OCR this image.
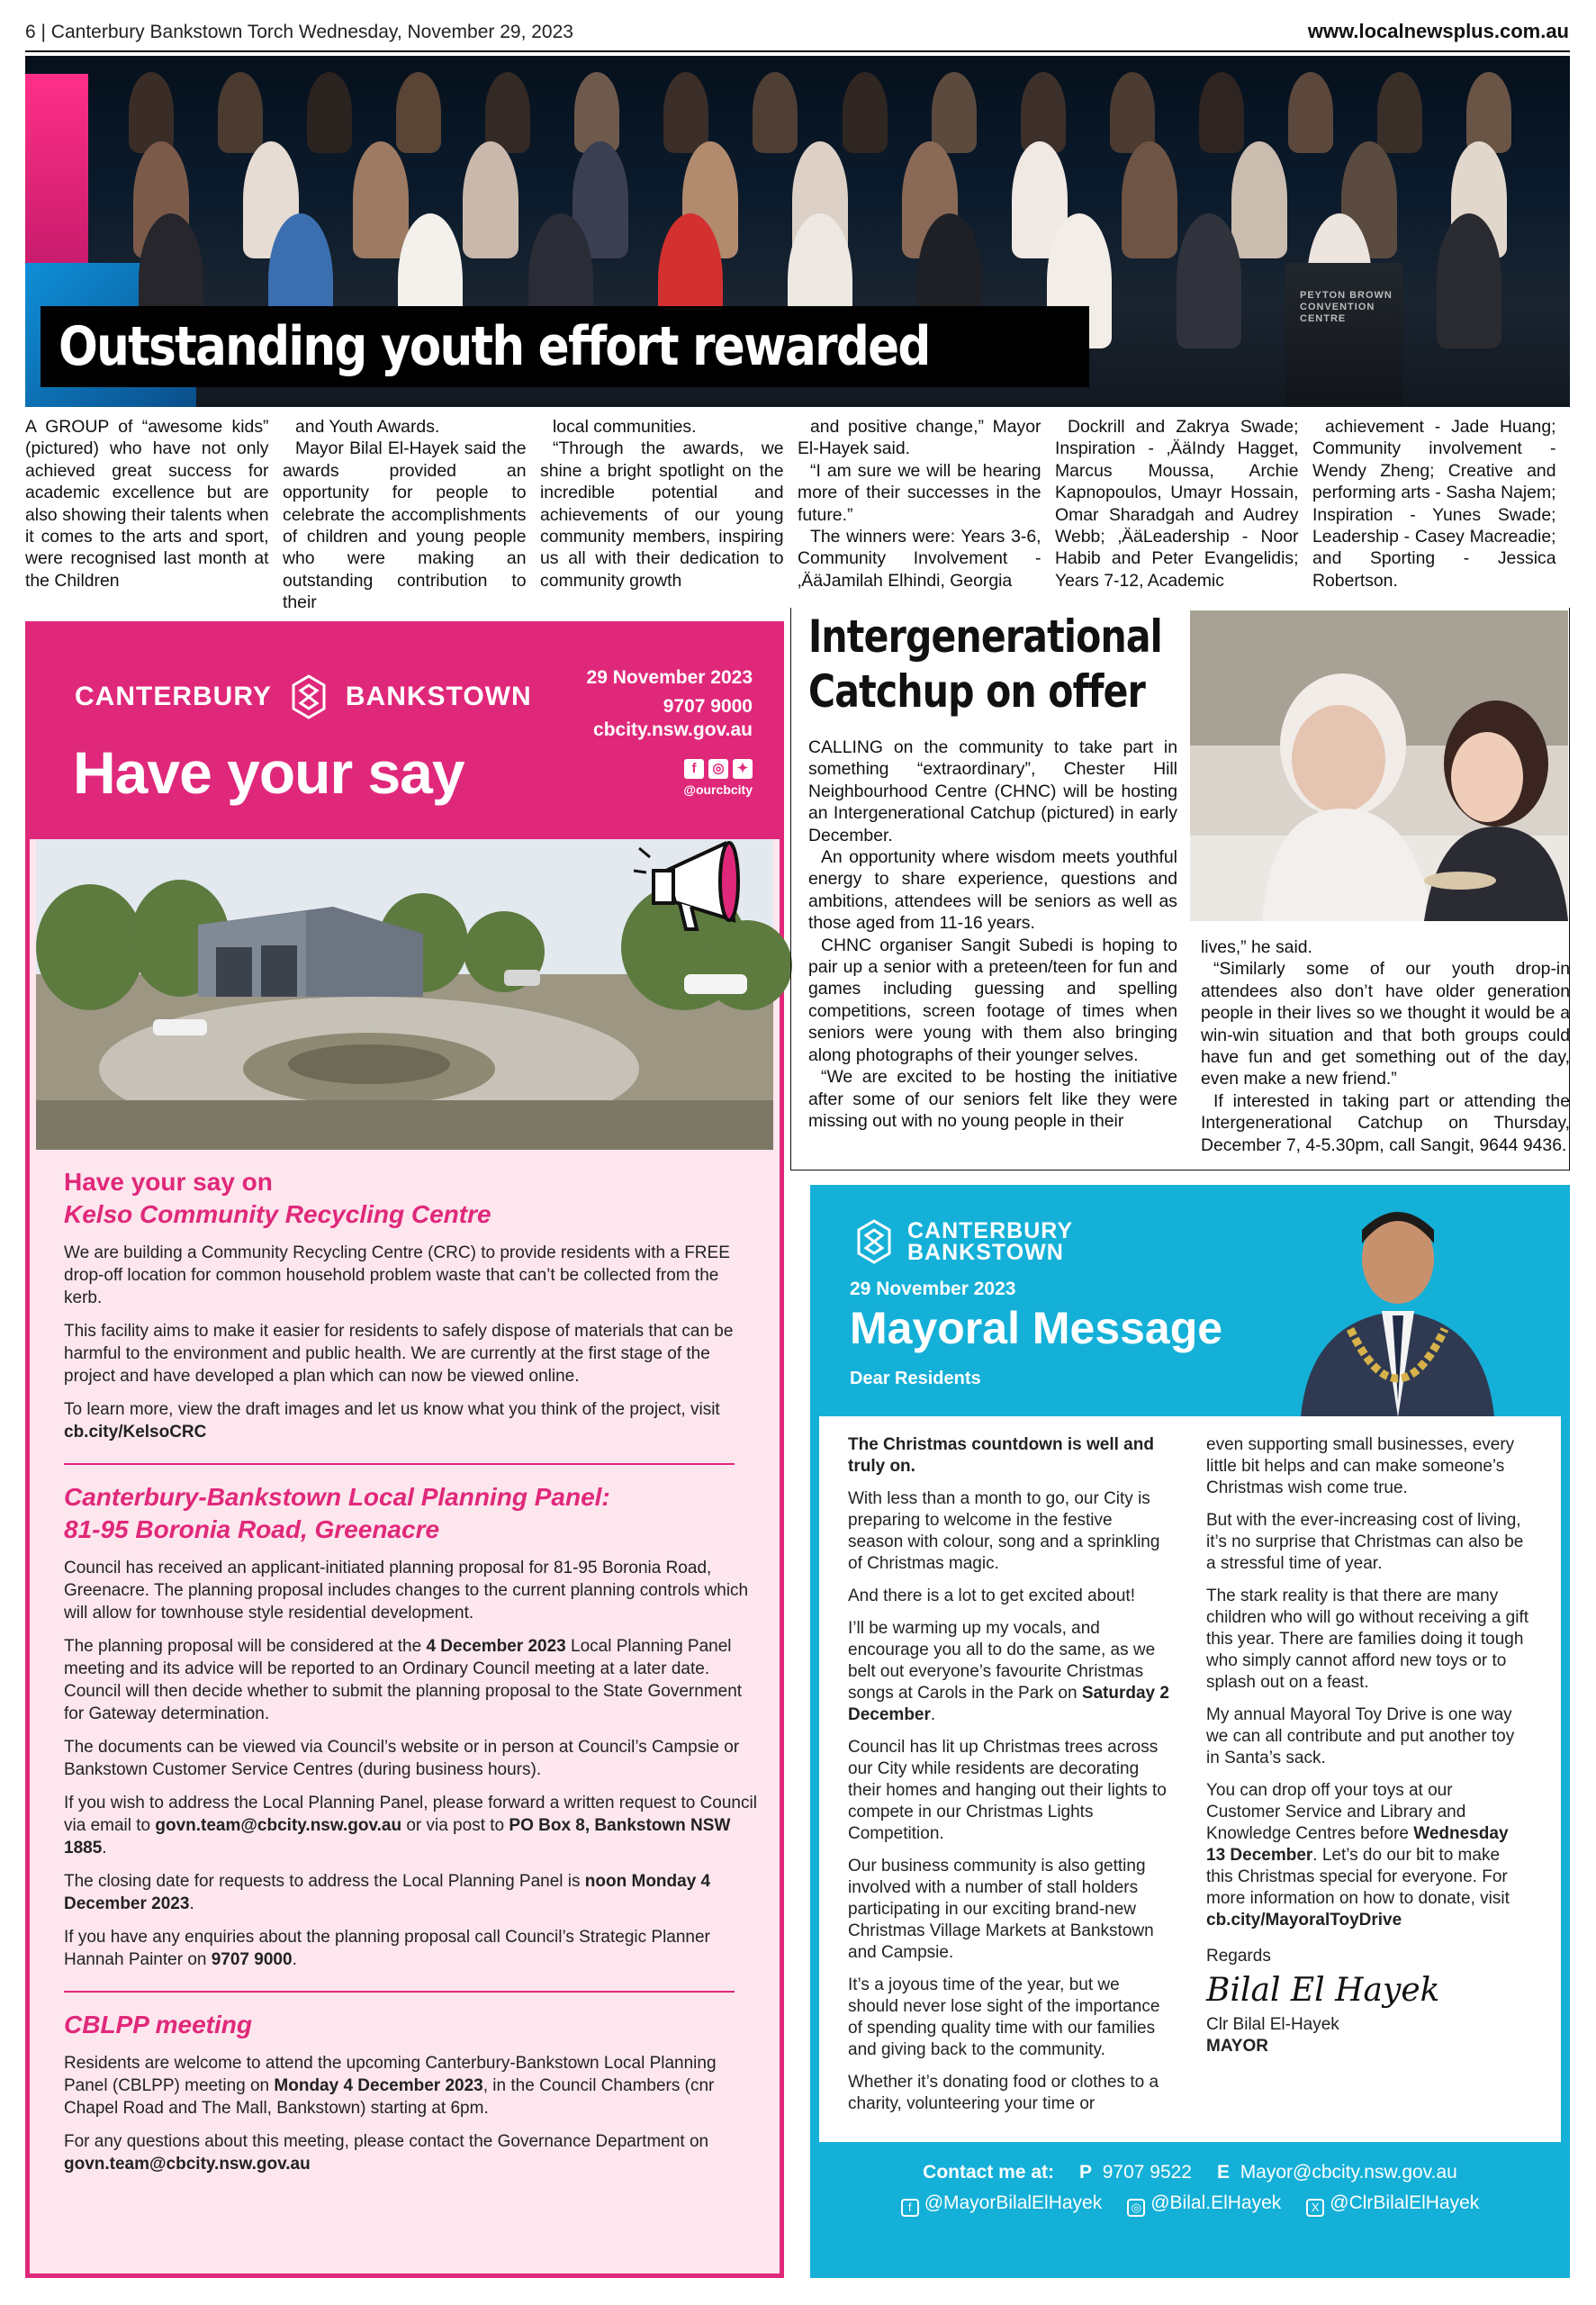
6 | Canterbury Bankstown Torch Wednesday, November 29, 2023	www.localnewsplus.com.au
PEYTON BROWN CONVENTION CENTRE
Outstanding youth effort rewarded

A GROUP of “awesome kids” (pictured) who have not only achieved great success for academic excellence but are also showing their talents when it comes to the arts and sport, were recognised last month at the Children

and Youth Awards.

Mayor Bilal El-Hayek said the awards provided an opportunity for people to celebrate the accomplishments of children and young people who were making an outstanding contribution to their

local communities.

“Through the awards, we shine a bright spotlight on the incredible potential and achievements of our young community members, inspiring us all with their dedication to community growth

and positive change,” Mayor El-Hayek said.

“I am sure we will be hearing more of their successes in the future.”

The winners were: Years 3-6, Community Involvement - ‚ÄäJamilah Elhindi, Georgia

Dockrill and Zakrya Swade; Inspiration - ‚ÄäIndy Hagget, Marcus Moussa, Archie Kapnopoulos, Umayr Hossain, Omar Sharadgah and Audrey Webb; ‚ÄäLeadership - Noor Habib and Peter Evangelidis; Years 7-12, Academic

achievement - Jade Huang; Community involvement - Wendy Zheng; Creative and performing arts - Sasha Najem; Inspiration - Yunes Swade; Leadership - Casey Macreadie; and Sporting - Jessica Robertson.

CANTERBURY	BANKSTOWN
29 November 2023
9707 9000
cbcity.nsw.gov.au
Have your say	f	◎ ✦
@ourcbcity
Have your say on
Kelso Community Recycling Centre

We are building a Community Recycling Centre (CRC) to provide residents with a FREE drop-off location for common household problem waste that can’t be collected from the kerb.

This facility aims to make it easier for residents to safely dispose of materials that can be harmful to the environment and public health. We are currently at the first stage of the project and have developed a plan which can now be viewed online.

To learn more, view the draft images and let us know what you think of the project, visit cb.city/KelsoCRC

Canterbury-Bankstown Local Planning Panel:
81-95 Boronia Road, Greenacre

Council has received an applicant-initiated planning proposal for 81-95 Boronia Road, Greenacre. The planning proposal includes changes to the current planning controls which will allow for townhouse style residential development.

The planning proposal will be considered at the 4 December 2023 Local Planning Panel meeting and its advice will be reported to an Ordinary Council meeting at a later date. Council will then decide whether to submit the planning proposal to the State Government for Gateway determination.

The documents can be viewed via Council’s website or in person at Council’s Campsie or Bankstown Customer Service Centres (during business hours).

If you wish to address the Local Planning Panel, please forward a written request to Council via email to govn.team@cbcity.nsw.gov.au or via post to PO Box 8, Bankstown NSW 1885.

The closing date for requests to address the Local Planning Panel is noon Monday 4 December 2023.

If you have any enquiries about the planning proposal call Council’s Strategic Planner Hannah Painter on 9707 9000.

CBLPP meeting

Residents are welcome to attend the upcoming Canterbury-Bankstown Local Planning Panel (CBLPP) meeting on Monday 4 December 2023, in the Council Chambers (cnr Chapel Road and The Mall, Bankstown) starting at 6pm.

For any questions about this meeting, please contact the Governance Department on govn.team@cbcity.nsw.gov.au

Intergenerational
Catchup on offer

CALLING on the community to take part in something “extraordinary”, Chester Hill Neighbourhood Centre (CHNC) will be hosting an Intergenerational Catchup (pictured) in early December.

An opportunity where wisdom meets youthful energy to share experience, questions and ambitions, attendees will be seniors as well as those aged from 11-16 years.

CHNC organiser Sangit Subedi is hoping to pair up a senior with a preteen/teen for fun and games including guessing and spelling competitions, screen footage of times when seniors were young with them also bringing along photographs of their younger selves.

“We are excited to be hosting the initiative after some of our seniors felt like they were missing out with no young people in their

lives,” he said.

“Similarly some of our youth drop-in attendees also don’t have older generation people in their lives so we thought it would be a win-win situation and that both groups could have fun and get something out of the day, even make a new friend.”

If interested in taking part or attending the Intergenerational Catchup on Thursday, December 7, 4-5.30pm, call Sangit, 9644 9436.

CANTERBURY
BANKSTOWN
29 November 2023
Mayoral Message
Dear Residents

The Christmas countdown is well and truly on.

With less than a month to go, our City is preparing to welcome in the festive season with colour, song and a sprinkling of Christmas magic.

And there is a lot to get excited about!

I’ll be warming up my vocals, and encourage you all to do the same, as we belt out everyone’s favourite Christmas songs at Carols in the Park on Saturday 2 December.

Council has lit up Christmas trees across our City while residents are decorating their homes and hanging out their lights to compete in our Christmas Lights Competition.

Our business community is also getting involved with a number of stall holders participating in our exciting brand-new Christmas Village Markets at Bankstown and Campsie.

It’s a joyous time of the year, but we should never lose sight of the importance of spending quality time with our families and giving back to the community.

Whether it’s donating food or clothes to a charity, volunteering your time or

even supporting small businesses, every little bit helps and can make someone’s Christmas wish come true.

But with the ever-increasing cost of living, it’s no surprise that Christmas can also be a stressful time of year.

The stark reality is that there are many children who will go without receiving a gift this year. There are families doing it tough who simply cannot afford new toys or to splash out on a feast.

My annual Mayoral Toy Drive is one way we can all contribute and put another toy in Santa’s sack.

You can drop off your toys at our Customer Service and Library and Knowledge Centres before Wednesday 13 December. Let’s do our bit to make this Christmas special for everyone. For more information on how to donate, visit cb.city/MayoralToyDrive

Regards

Bilal El Hayek
Clr Bilal El-Hayek
MAYOR
Contact me at: P 9707 9522 E Mayor@cbcity.nsw.gov.au
f @MayorBilalElHayek	◎ @Bilal.ElHayek	X @ClrBilalElHayek
